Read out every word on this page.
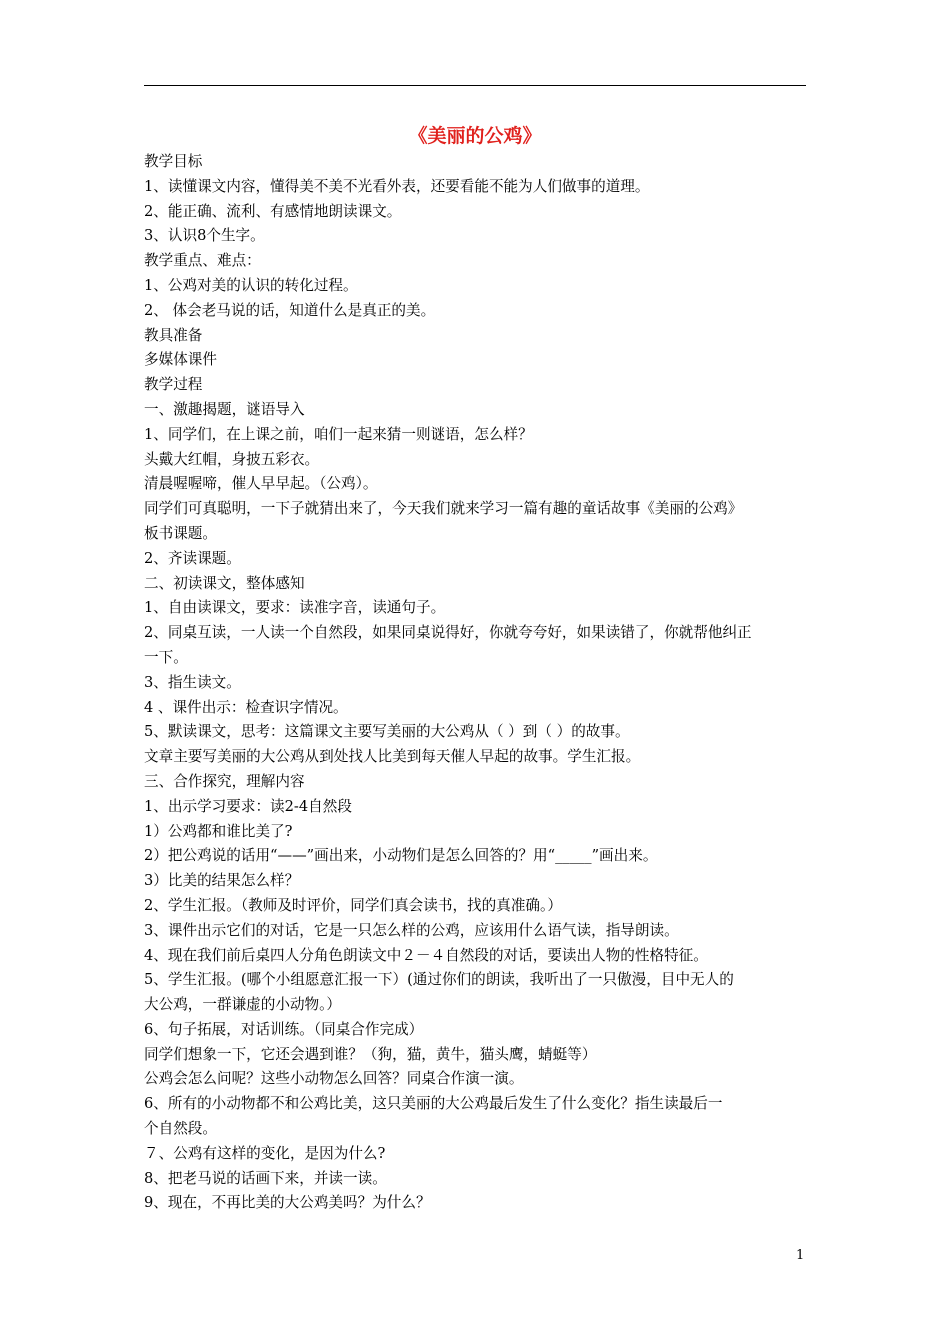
《美丽的公鸡》
教学目标
1、读懂课文内容，懂得美不美不光看外表，还要看能不能为人们做事的道理。
2、能正确、流利、有感情地朗读课文。
3、认识8个生字。
教学重点、难点：
1、公鸡对美的认识的转化过程。
2、 体会老马说的话，知道什么是真正的美。
教具准备
多媒体课件
教学过程
一、激趣揭题，谜语导入
1、同学们，在上课之前，咱们一起来猜一则谜语，怎么样？
头戴大红帽，身披五彩衣。
清晨喔喔啼，催人早早起。（公鸡）。
同学们可真聪明，一下子就猜出来了，今天我们就来学习一篇有趣的童话故事《美丽的公鸡》
板书课题。
2、齐读课题。
二、初读课文，整体感知
1、自由读课文，要求：读准字音，读通句子。
2、同桌互读，一人读一个自然段，如果同桌说得好，你就夸夸好，如果读错了，你就帮他纠正
一下。
3、指生读文。
4 、课件出示：检查识字情况。
5、默读课文，思考：这篇课文主要写美丽的大公鸡从（ ）到（ ）的故事。
文章主要写美丽的大公鸡从到处找人比美到每天催人早起的故事。学生汇报。
三、合作探究，理解内容
1、出示学习要求：读2-4自然段
1）公鸡都和谁比美了?
2）把公鸡说的话用“——”画出来，小动物们是怎么回答的？用“_____”画出来。
3）比美的结果怎么样？
2、学生汇报。（教师及时评价，同学们真会读书，找的真准确。）
3、课件出示它们的对话，它是一只怎么样的公鸡，应该用什么语气读，指导朗读。
4、现在我们前后桌四人分角色朗读文中２－４自然段的对话，要读出人物的性格特征。
5、学生汇报。(哪个小组愿意汇报一下）(通过你们的朗读，我听出了一只傲漫，目中无人的
大公鸡，一群谦虚的小动物。）
6、句子拓展，对话训练。（同桌合作完成）
同学们想象一下，它还会遇到谁？（狗，猫，黄牛，猫头鹰，蜻蜓等）
公鸡会怎么问呢？这些小动物怎么回答？同桌合作演一演。
6、所有的小动物都不和公鸡比美，这只美丽的大公鸡最后发生了什么变化？指生读最后一
个自然段。
７、公鸡有这样的变化，是因为什么?
8、把老马说的话画下来，并读一读。
9、现在，不再比美的大公鸡美吗？为什么？
1
